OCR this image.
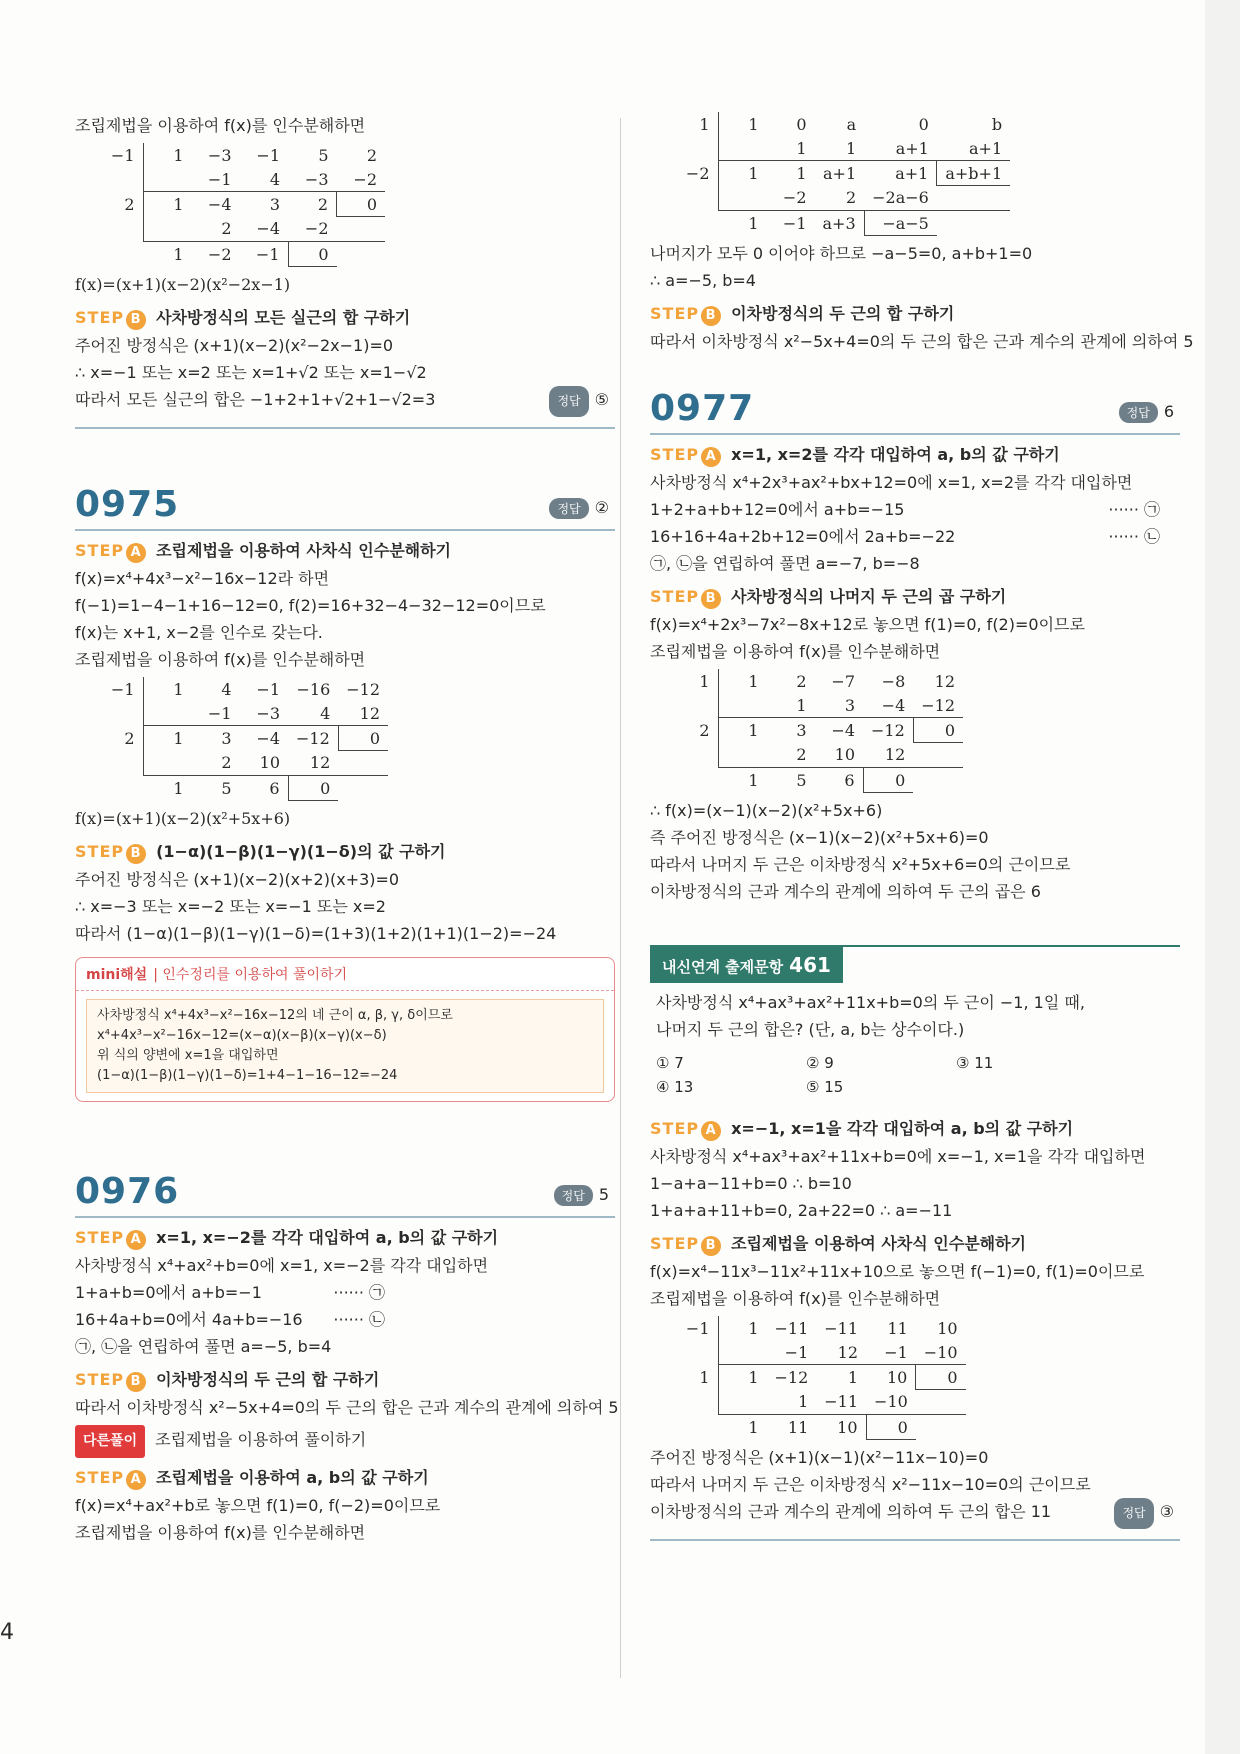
조립제법을 이용하여 f(x)를 인수분해하면
−1	1	−3	−1	5	2
		−1	4	−3	−2
2	1	−4	3	2	0
		2	−4	−2	
	1	−2	−1	0	
f(x)=(x+1)(x−2)(x²−2x−1)
STEP B 사차방정식의 모든 실근의 합 구하기
주어진 방정식은 (x+1)(x−2)(x²−2x−1)=0
∴ x=−1 또는 x=2 또는 x=1+√2 또는 x=1−√2
따라서 모든 실근의 합은 −1+2+1+√2+1−√2=3	정답 ⑤
0975	정답 ②
STEP A 조립제법을 이용하여 사차식 인수분해하기
f(x)=x⁴+4x³−x²−16x−12라 하면
f(−1)=1−4−1+16−12=0, f(2)=16+32−4−32−12=0이므로
f(x)는 x+1, x−2를 인수로 갖는다.
조립제법을 이용하여 f(x)를 인수분해하면
−1	1	4	−1	−16	−12
		−1	−3	4	12
2	1	3	−4	−12	0
		2	10	12	
	1	5	6	0	
f(x)=(x+1)(x−2)(x²+5x+6)
STEP B (1−α)(1−β)(1−γ)(1−δ)의 값 구하기
주어진 방정식은 (x+1)(x−2)(x+2)(x+3)=0
∴ x=−3 또는 x=−2 또는 x=−1 또는 x=2
따라서 (1−α)(1−β)(1−γ)(1−δ)=(1+3)(1+2)(1+1)(1−2)=−24
mini해설 | 인수정리를 이용하여 풀이하기
사차방정식 x⁴+4x³−x²−16x−12의 네 근이 α, β, γ, δ이므로
x⁴+4x³−x²−16x−12=(x−α)(x−β)(x−γ)(x−δ)
위 식의 양변에 x=1을 대입하면
(1−α)(1−β)(1−γ)(1−δ)=1+4−1−16−12=−24
0976	정답 5
STEP A x=1, x=−2를 각각 대입하여 a, b의 값 구하기
사차방정식 x⁴+ax²+b=0에 x=1, x=−2를 각각 대입하면
1+a+b=0에서 a+b=−1	······ ㉠
16+4a+b=0에서 4a+b=−16 ······ ㉡
㉠, ㉡을 연립하여 풀면 a=−5, b=4
STEP B 이차방정식의 두 근의 합 구하기
따라서 이차방정식 x²−5x+4=0의 두 근의 합은 근과 계수의 관계에 의하여 5
다른풀이 조립제법을 이용하여 풀이하기
STEP A 조립제법을 이용하여 a, b의 값 구하기
f(x)=x⁴+ax²+b로 놓으면 f(1)=0, f(−2)=0이므로
조립제법을 이용하여 f(x)를 인수분해하면
1	1	0	a	0	b
		1	1	a+1	a+1
−2	1	1	a+1	a+1	a+b+1
		−2	2	−2a−6	
	1	−1	a+3	−a−5	
나머지가 모두 0 이어야 하므로 −a−5=0, a+b+1=0
∴ a=−5, b=4
STEP B 이차방정식의 두 근의 합 구하기
따라서 이차방정식 x²−5x+4=0의 두 근의 합은 근과 계수의 관계에 의하여 5
0977	정답 6
STEP A x=1, x=2를 각각 대입하여 a, b의 값 구하기
사차방정식 x⁴+2x³+ax²+bx+12=0에 x=1, x=2를 각각 대입하면
1+2+a+b+12=0에서 a+b=−15	······ ㉠
16+16+4a+2b+12=0에서 2a+b=−22	······ ㉡
㉠, ㉡을 연립하여 풀면 a=−7, b=−8
STEP B 사차방정식의 나머지 두 근의 곱 구하기
f(x)=x⁴+2x³−7x²−8x+12로 놓으면 f(1)=0, f(2)=0이므로
조립제법을 이용하여 f(x)를 인수분해하면
1	1	2	−7	−8	12
		1	3	−4	−12
2	1	3	−4	−12	0
		2	10	12	
	1	5	6	0	
∴ f(x)=(x−1)(x−2)(x²+5x+6)
즉 주어진 방정식은 (x−1)(x−2)(x²+5x+6)=0
따라서 나머지 두 근은 이차방정식 x²+5x+6=0의 근이므로
이차방정식의 근과 계수의 관계에 의하여 두 근의 곱은 6
내신연계 출제문항 461
사차방정식 x⁴+ax³+ax²+11x+b=0의 두 근이 −1, 1일 때,
나머지 두 근의 합은? (단, a, b는 상수이다.)
① 7	② 9	③ 11
④ 13	⑤ 15
STEP A x=−1, x=1을 각각 대입하여 a, b의 값 구하기
사차방정식 x⁴+ax³+ax²+11x+b=0에 x=−1, x=1을 각각 대입하면
1−a+a−11+b=0 ∴ b=10
1+a+a+11+b=0, 2a+22=0 ∴ a=−11
STEP B 조립제법을 이용하여 사차식 인수분해하기
f(x)=x⁴−11x³−11x²+11x+10으로 놓으면 f(−1)=0, f(1)=0이므로
조립제법을 이용하여 f(x)를 인수분해하면
−1	1	−11	−11	11	10
		−1	12	−1	−10
1	1	−12	1	10	0
		1	−11	−10	
	1	11	10	0	
주어진 방정식은 (x+1)(x−1)(x²−11x−10)=0
따라서 나머지 두 근은 이차방정식 x²−11x−10=0의 근이므로
이차방정식의 근과 계수의 관계에 의하여 두 근의 합은 11	정답 ③
4
